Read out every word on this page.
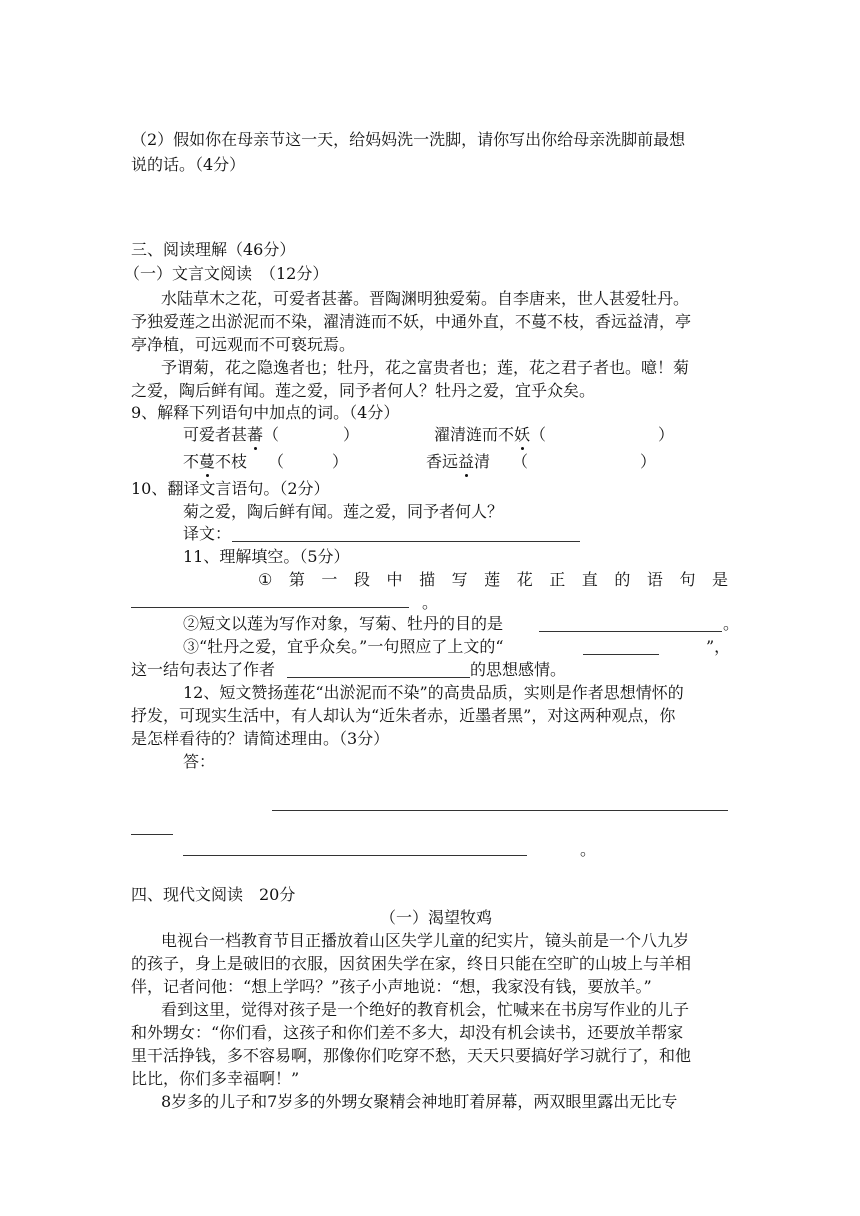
（2）假如你在母亲节这一天，给妈妈洗一洗脚，请你写出你给母亲洗脚前最想
说的话。（4分）
三、阅读理解（46分）
（一）文言文阅读　（12分）
水陆草木之花，可爱者甚蕃。晋陶渊明独爱菊。自李唐来，世人甚爱牡丹。
予独爱莲之出淤泥而不染，濯清涟而不妖，中通外直，不蔓不枝，香远益清，亭
亭净植，可远观而不可亵玩焉。
予谓菊，花之隐逸者也；牡丹，花之富贵者也；莲，花之君子者也。噫！菊
之爱，陶后鲜有闻。莲之爱，同予者何人？牡丹之爱，宜乎众矣。
9、解释下列语句中加点的词。（4分）
可爱者甚蕃（　　　　）	濯清涟而不妖（　　　　　　　）
不蔓不枝 （　　　）	香远益清 （　　　　　　　）
10、翻译文言语句。（2分）
菊之爱，陶后鲜有闻。莲之爱，同予者何人？
译文：
11、理解填空。（5分）
① 第 一 段 中 描 写 莲 花 正 直 的 语 句 是
。
②短文以莲为写作对象，写菊、牡丹的目的是	。
③“牡丹之爱，宜乎众矣。”一句照应了上文的“	”，
这一结句表达了作者	的思想感情。
12、短文赞扬莲花“出淤泥而不染”的高贵品质，实则是作者思想情怀的
抒发，可现实生活中，有人却认为“近朱者赤，近墨者黑”，对这两种观点，你
是怎样看待的？请简述理由。（3分）
答：
。
四、现代文阅读　20分
（一）渴望牧鸡
电视台一档教育节目正播放着山区失学儿童的纪实片，镜头前是一个八九岁
的孩子，身上是破旧的衣服，因贫困失学在家，终日只能在空旷的山坡上与羊相
伴，记者问他：“想上学吗？”孩子小声地说：“想，我家没有钱，要放羊。”
看到这里，觉得对孩子是一个绝好的教育机会，忙喊来在书房写作业的儿子
和外甥女：“你们看，这孩子和你们差不多大，却没有机会读书，还要放羊帮家
里干活挣钱，多不容易啊，那像你们吃穿不愁，天天只要搞好学习就行了，和他
比比，你们多幸福啊！”
8岁多的儿子和7岁多的外甥女聚精会神地盯着屏幕，两双眼里露出无比专
